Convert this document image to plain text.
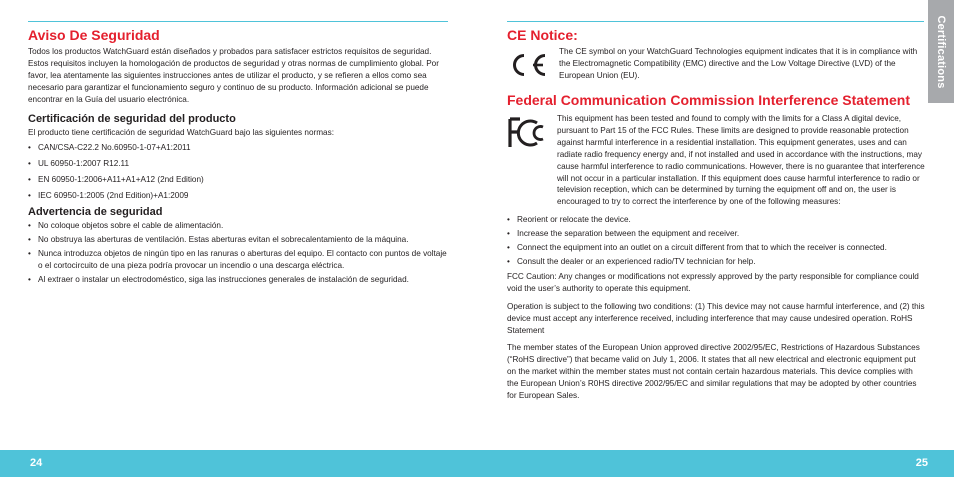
Aviso De Seguridad

Todos los productos WatchGuard están diseñados y probados para satisfacer estrictos requisitos de seguridad. Estos requisitos incluyen la homologación de productos de seguridad y otras normas de cumplimiento global. Por favor, lea atentamente las siguientes instrucciones antes de utilizar el producto, y se refieren a ellos como sea necesario para garantizar el funcionamiento seguro y continuo de su producto. Información adicional se puede encontrar en la Guía del usuario electrónica.

Certificación de seguridad del producto

El producto tiene certificación de seguridad WatchGuard bajo las siguientes normas:

• CAN/CSA-C22.2 No.60950-1-07+A1:2011
• UL 60950-1:2007 R12.11
• EN 60950-1:2006+A11+A1+A12 (2nd Edition)
• IEC 60950-1:2005 (2nd Edition)+A1:2009
Advertencia de seguridad
• No coloque objetos sobre el cable de alimentación.
• No obstruya las aberturas de ventilación. Estas aberturas evitan el sobrecalentamiento de la máquina.
• Nunca introduzca objetos de ningún tipo en las ranuras o aberturas del equipo. El contacto con puntos de voltaje o el cortocircuito de una pieza podría provocar un incendio o una descarga eléctrica.
• Al extraer o instalar un electrodoméstico, siga las instrucciones generales de instalación de seguridad.
CE Notice:

The CE symbol on your WatchGuard Technologies equipment indicates that it is in compliance with the Electromagnetic Compatibility (EMC) directive and the Low Voltage Directive (LVD) of the European Union (EU).

Federal Communication Commission Interference Statement

This equipment has been tested and found to comply with the limits for a Class A digital device, pursuant to Part 15 of the FCC Rules. These limits are designed to provide reasonable protection against harmful interference in a residential installation. This equipment generates, uses and can radiate radio frequency energy and, if not installed and used in accordance with the instructions, may cause harmful interference to radio communications. However, there is no guarantee that interference will not occur in a particular installation. If this equipment does cause harmful interference to radio or television reception, which can be determined by turning the equipment off and on, the user is encouraged to try to correct the interference by one of the following measures:

• Reorient or relocate the device.
• Increase the separation between the equipment and receiver.
• Connect the equipment into an outlet on a circuit different from that to which the receiver is connected.
• Consult the dealer or an experienced radio/TV technician for help.

FCC Caution: Any changes or modifications not expressly approved by the party responsible for compliance could void the user’s authority to operate this equipment.

Operation is subject to the following two conditions: (1) This device may not cause harmful interference, and (2) this device must accept any interference received, including interference that may cause undesired operation. RoHS Statement

The member states of the European Union approved directive 2002/95/EC, Restrictions of Hazardous Substances (“RoHS directive”) that became valid on July 1, 2006. It states that all new electrical and electronic equipment put on the market within the member states must not contain certain hazardous materials. This device complies with the European Union’s R0HS directive 2002/95/EC and similar regulations that may be adopted by other countries for European Sales.

Certifications
24	25
